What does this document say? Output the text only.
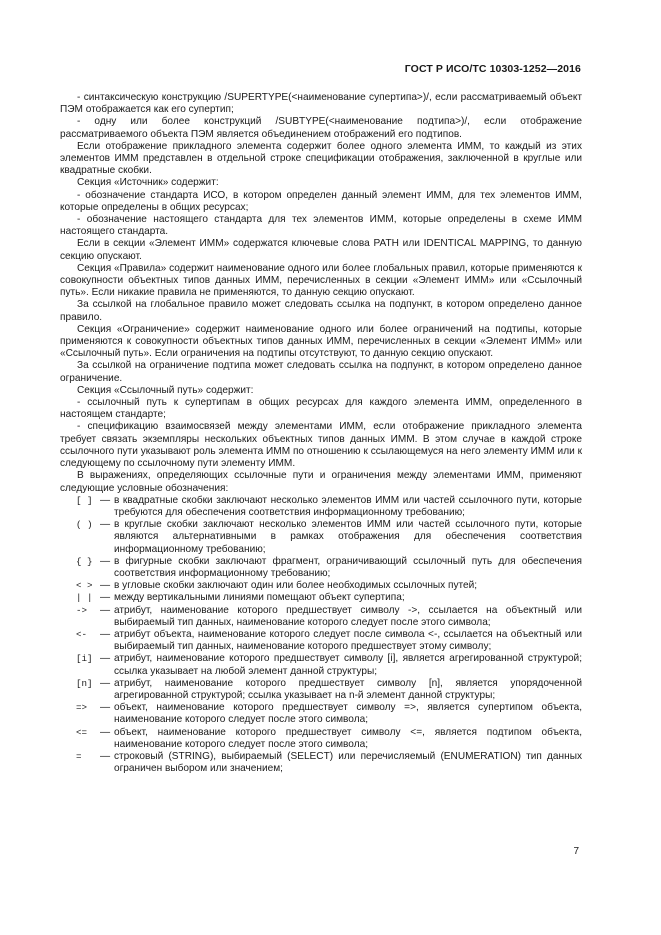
ГОСТ Р ИСО/ТС 10303-1252—2016

- синтаксическую конструкцию /SUPERTYPE(<наименование супертипа>)/, если рассматриваемый объект ПЭМ отображается как его супертип;

- одну или более конструкций /SUBTYPE(<наименование подтипа>)/, если отображение рассматриваемого объекта ПЭМ является объединением отображений его подтипов.

Если отображение прикладного элемента содержит более одного элемента ИММ, то каждый из этих элементов ИММ представлен в отдельной строке спецификации отображения, заключенной в круглые или квадратные скобки.

Секция «Источник» содержит:

- обозначение стандарта ИСО, в котором определен данный элемент ИММ, для тех элементов ИММ, которые определены в общих ресурсах;

- обозначение настоящего стандарта для тех элементов ИММ, которые определены в схеме ИММ настоящего стандарта.

Если в секции «Элемент ИММ» содержатся ключевые слова PATH или IDENTICAL MAPPING, то данную секцию опускают.

Секция «Правила» содержит наименование одного или более глобальных правил, которые применяются к совокупности объектных типов данных ИММ, перечисленных в секции «Элемент ИММ» или «Ссылочный путь». Если никакие правила не применяются, то данную секцию опускают.

За ссылкой на глобальное правило может следовать ссылка на подпункт, в котором определено данное правило.

Секция «Ограничение» содержит наименование одного или более ограничений на подтипы, которые применяются к совокупности объектных типов данных ИММ, перечисленных в секции «Элемент ИММ» или «Ссылочный путь». Если ограничения на подтипы отсутствуют, то данную секцию опускают.

За ссылкой на ограничение подтипа может следовать ссылка на подпункт, в котором определено данное ограничение.

Секция «Ссылочный путь» содержит:

- ссылочный путь к супертипам в общих ресурсах для каждого элемента ИММ, определенного в настоящем стандарте;

- спецификацию взаимосвязей между элементами ИММ, если отображение прикладного элемента требует связать экземпляры нескольких объектных типов данных ИММ. В этом случае в каждой строке ссылочного пути указывают роль элемента ИММ по отношению к ссылающемуся на него элементу ИММ или к следующему по ссылочному пути элементу ИММ.

В выражениях, определяющих ссылочные пути и ограничения между элементами ИММ, применяют следующие условные обозначения:

[ ] — в квадратные скобки заключают несколько элементов ИММ или частей ссылочного пути, которые требуются для обеспечения соответствия информационному требованию;
( ) — в круглые скобки заключают несколько элементов ИММ или частей ссылочного пути, которые являются альтернативными в рамках отображения для обеспечения соответствия информационному требованию;
{ } — в фигурные скобки заключают фрагмент, ограничивающий ссылочный путь для обеспечения соответствия информационному требованию;
< > — в угловые скобки заключают один или более необходимых ссылочных путей;
| | — между вертикальными линиями помещают объект супертипа;
->	— атрибут, наименование которого предшествует символу ->, ссылается на объектный или выбираемый тип данных, наименование которого следует после этого символа;
<-	— атрибут объекта, наименование которого следует после символа <-, ссылается на объектный или выбираемый тип данных, наименование которого предшествует этому символу;
[i] — атрибут, наименование которого предшествует символу [i], является агрегированной структурой; ссылка указывает на любой элемент данной структуры;
[n] — атрибут, наименование которого предшествует символу [n], является упорядоченной агрегированной структурой; ссылка указывает на n-й элемент данной структуры;
=>	— объект, наименование которого предшествует символу =>, является супертипом объекта, наименование которого следует после этого символа;
<=	— объект, наименование которого предшествует символу <=, является подтипом объекта, наименование которого следует после этого символа;
=	— строковый (STRING), выбираемый (SELECT) или перечисляемый (ENUMERATION) тип данных ограничен выбором или значением;
7
